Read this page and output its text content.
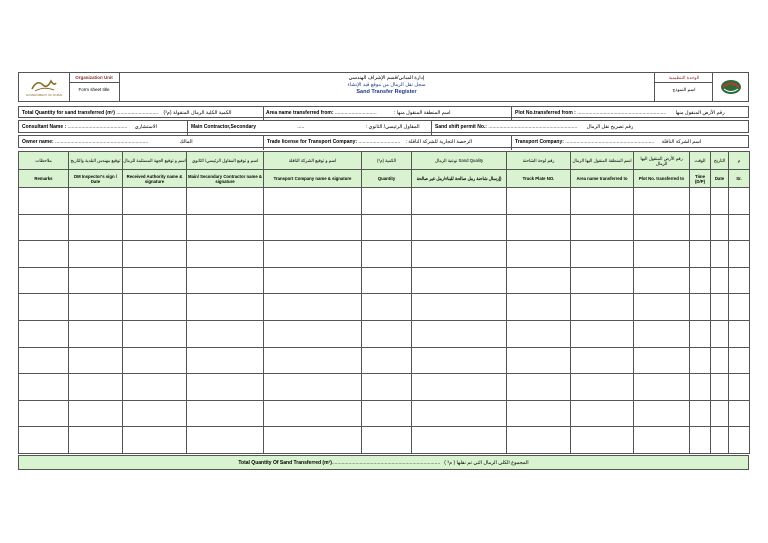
GOVERNMENT OF DUBAI
Organization Unit
Form sheet title
إدارة المباني/قسم الإشراف الهندسي
سجل نقل الرمال من موقع قيد الإنشاء
Sand Transfer Register
الوحدة التنظيمية
اسم النموذج
Total Quantity for sand transferred (m³) .............................. الكمية الكلية الرمال المنقولة (م³)	Area name transferred from: ..............................	: اسم المنطقة المنقول منها	Plot No.transferred from : ................................................................ رقم الأرض المنقول منها
Consultant Name : ........................................... الاستشاري	Main Contractor,Secondary	.....	: المقاول الرئيسي/ الثانوي	Sand shift permit No.: ................................................................ رقم تصريح نقل الرمال
Owner name: ...................................................................	المالك	Trade license for Transport Company: .............................. : الرخصة التجارية للشركة الناقلة	Transport Company: ................................................................ اسم الشركة الناقلة
ملاحظات	توقيع مهندس البلدية والتاريخ	اسم و توقيع الجهة المستلمة للرمال	اسم و توقيع المقاول الرئيسي/ الثانوي	اسم و توقيع الشركة الناقلة	الكمية (م³)	نوعية الرمال Sand Quality	رقم لوحة الشاحنة	اسم المنطقة المنقول اليها الرمال	رقم الأرض المنقول اليها الرمال	الوقت	التاريخ	م
Remarks	DM Inspector's sign / Date	Received Authority name & signature	Main/ Secondary Contractor name & signature	Transport Company name & signature	Quantity	إرسال شاحنة رمل صالحة للبناء/رمل غير صالحة)	Truck Plate NO.	Area name transferred to	Plot No. transferred to	Time (D/P)	Date	Sr.

Total Quantity Of Sand Transferred (m³) .............................................................................. المجموع الكلي الرمال التي تم نقلها ( م³ )
